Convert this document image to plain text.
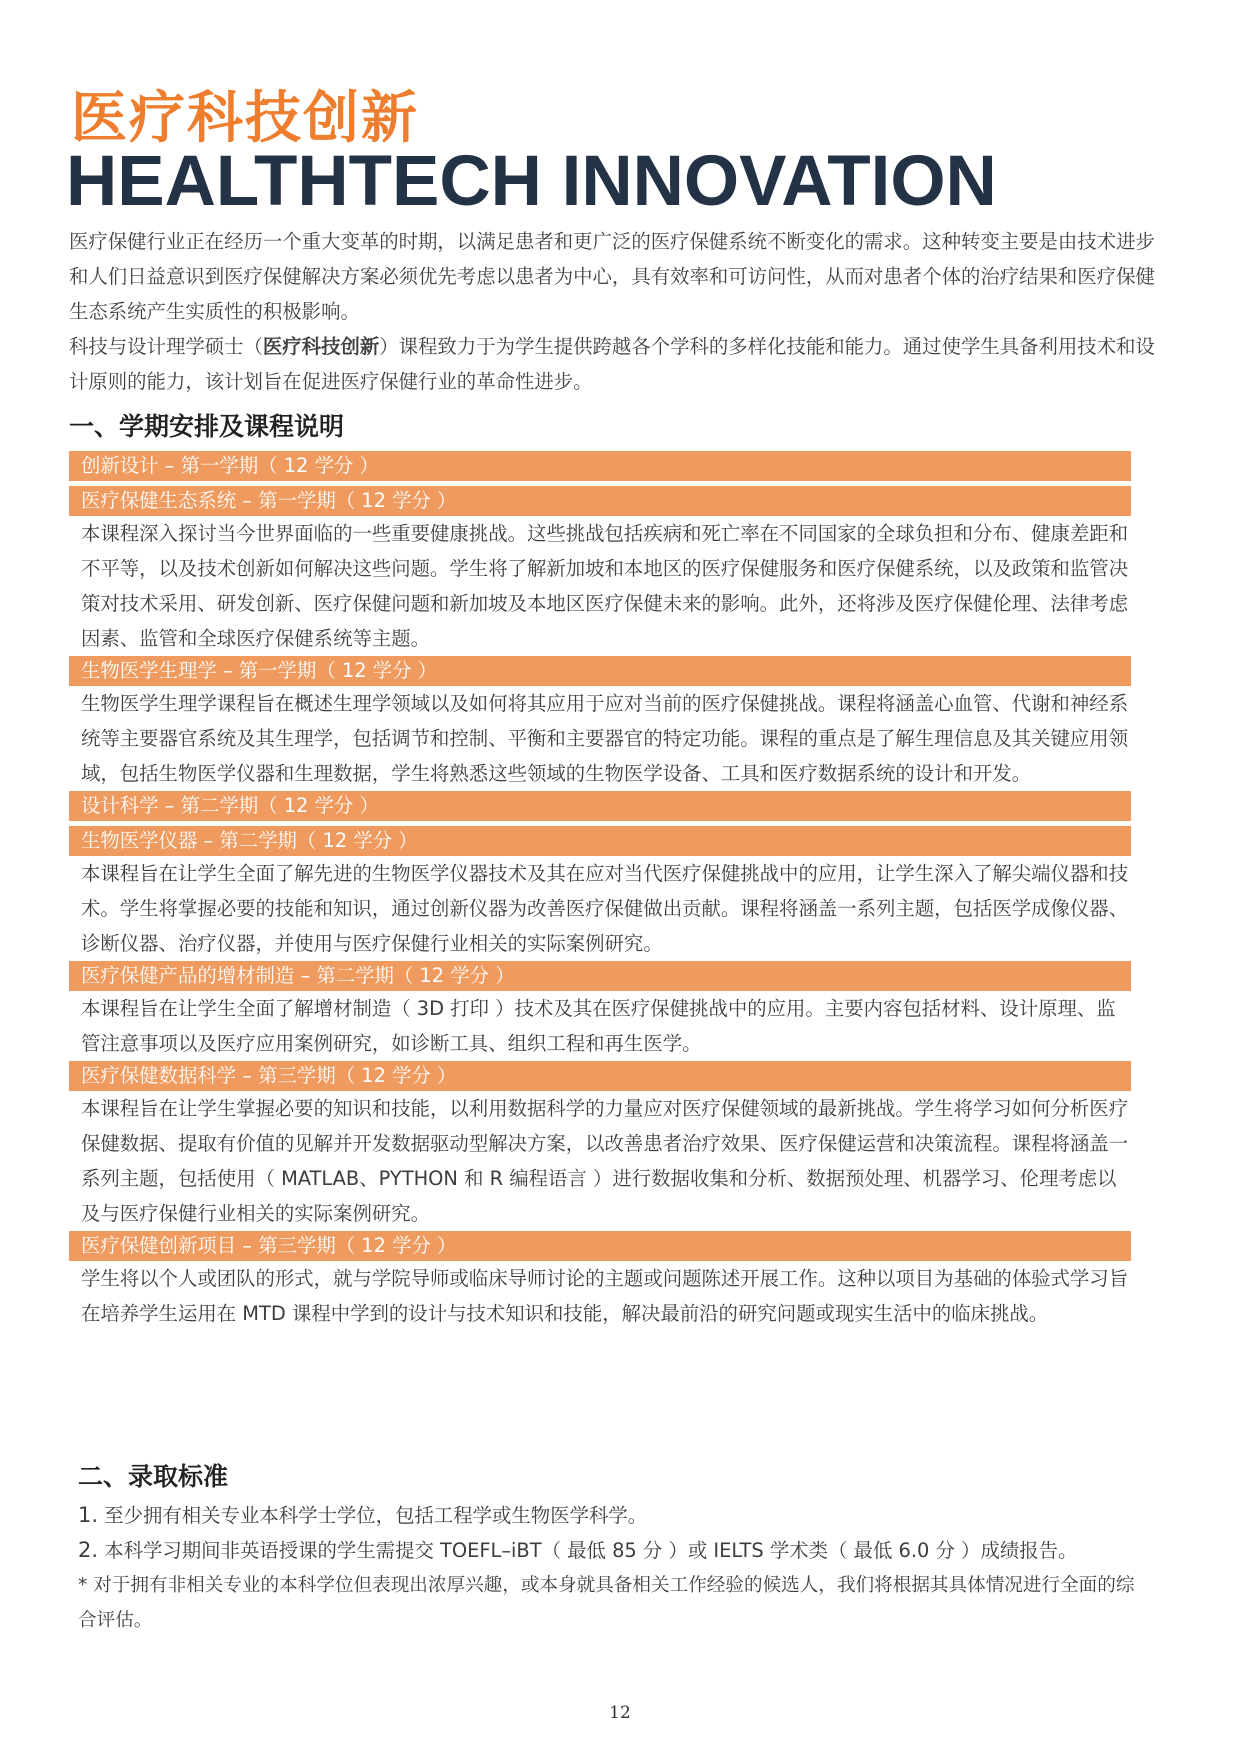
医疗科技创新
HEALTHTECH INNOVATION

医疗保健行业正在经历一个重大变革的时期，以满足患者和更广泛的医疗保健系统不断变化的需求。这种转变主要是由技术进步和人们日益意识到医疗保健解决方案必须优先考虑以患者为中心，具有效率和可访问性，从而对患者个体的治疗结果和医疗保健生态系统产生实质性的积极影响。

科技与设计理学硕士（医疗科技创新）课程致力于为学生提供跨越各个学科的多样化技能和能力。通过使学生具备利用技术和设计原则的能力，该计划旨在促进医疗保健行业的革命性进步。

一、学期安排及课程说明
创新设计 – 第一学期（ 12 学分 ）
医疗保健生态系统 – 第一学期（ 12 学分 ）
本课程深入探讨当今世界面临的一些重要健康挑战。这些挑战包括疾病和死亡率在不同国家的全球负担和分布、健康差距和不平等，以及技术创新如何解决这些问题。学生将了解新加坡和本地区的医疗保健服务和医疗保健系统，以及政策和监管决策对技术采用、研发创新、医疗保健问题和新加坡及本地区医疗保健未来的影响。此外，还将涉及医疗保健伦理、法律考虑因素、监管和全球医疗保健系统等主题。
生物医学生理学 – 第一学期（ 12 学分 ）
生物医学生理学课程旨在概述生理学领域以及如何将其应用于应对当前的医疗保健挑战。课程将涵盖心血管、代谢和神经系统等主要器官系统及其生理学，包括调节和控制、平衡和主要器官的特定功能。课程的重点是了解生理信息及其关键应用领域，包括生物医学仪器和生理数据，学生将熟悉这些领域的生物医学设备、工具和医疗数据系统的设计和开发。
设计科学 – 第二学期（ 12 学分 ）
生物医学仪器 – 第二学期（ 12 学分 ）
本课程旨在让学生全面了解先进的生物医学仪器技术及其在应对当代医疗保健挑战中的应用，让学生深入了解尖端仪器和技术。学生将掌握必要的技能和知识，通过创新仪器为改善医疗保健做出贡献。课程将涵盖一系列主题，包括医学成像仪器、诊断仪器、治疗仪器，并使用与医疗保健行业相关的实际案例研究。
医疗保健产品的增材制造 – 第二学期（ 12 学分 ）
本课程旨在让学生全面了解增材制造（ 3D 打印 ）技术及其在医疗保健挑战中的应用。主要内容包括材料、设计原理、监管注意事项以及医疗应用案例研究，如诊断工具、组织工程和再生医学。
医疗保健数据科学 – 第三学期（ 12 学分 ）
本课程旨在让学生掌握必要的知识和技能，以利用数据科学的力量应对医疗保健领域的最新挑战。学生将学习如何分析医疗保健数据、提取有价值的见解并开发数据驱动型解决方案，以改善患者治疗效果、医疗保健运营和决策流程。课程将涵盖一系列主题，包括使用（ MATLAB、PYTHON 和 R 编程语言 ）进行数据收集和分析、数据预处理、机器学习、伦理考虑以及与医疗保健行业相关的实际案例研究。
医疗保健创新项目 – 第三学期（ 12 学分 ）
学生将以个人或团队的形式，就与学院导师或临床导师讨论的主题或问题陈述开展工作。这种以项目为基础的体验式学习旨在培养学生运用在 MTD 课程中学到的设计与技术知识和技能，解决最前沿的研究问题或现实生活中的临床挑战。
二、录取标准

1. 至少拥有相关专业本科学士学位，包括工程学或生物医学科学。

2. 本科学习期间非英语授课的学生需提交 TOEFL–iBT（ 最低 85 分 ）或 IELTS 学术类（ 最低 6.0 分 ）成绩报告。

* 对于拥有非相关专业的本科学位但表现出浓厚兴趣，或本身就具备相关工作经验的候选人，我们将根据其具体情况进行全面的综合评估。

12
